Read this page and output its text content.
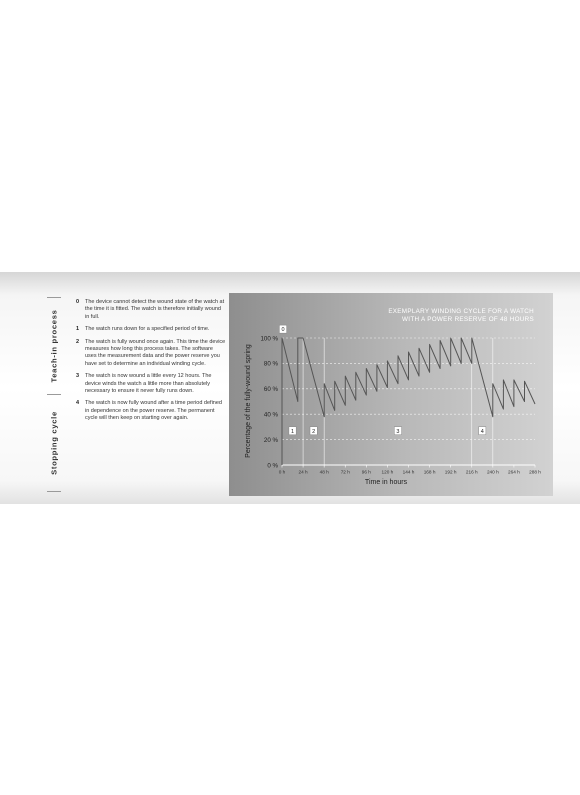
Teach-in process
Stopping cycle
0	The device cannot detect the wound state of the watch at the time it is fitted. The watch is therefore initially wound in full.
1	The watch runs down for a specified period of time.
2	The watch is fully wound once again. This time the device measures how long this process takes. The software uses the measurement data and the power reserve you have set to determine an individual winding cycle.
3	The watch is now wound a little every 12 hours. The device winds the watch a little more than absolutely necessary to ensure it never fully runs down.
4	The watch is now fully wound after a time period defined in dependence on the power reserve. The permanent cycle will then keep on starting over again.
EXEMPLARY WINDING CYCLE FOR A WATCH
WITH A POWER RESERVE OF 48 HOURS
Time in hours
Percentage of the fully-wound spring
0 %
20 %
40 %
60 %
80 %
100 %
0 h	24 h	48 h	72 h	96 h 120 h 144 h 168 h 192 h 216 h 240 h 264 h 288 h
0
1	2	3	4
